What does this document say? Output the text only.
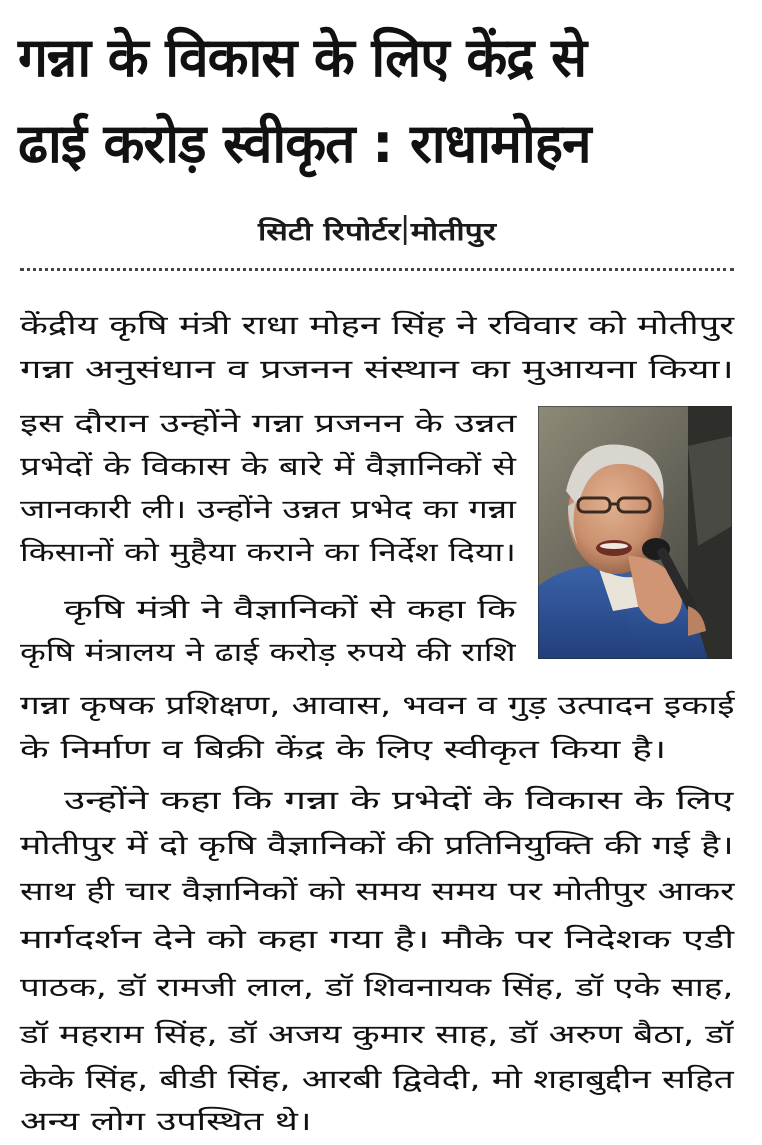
गन्ना के विकास के लिए केंद्र से
ढाई करोड़ स्वीकृत : राधामोहन
सिटी रिपोर्टर मोतीपुर
केंद्रीय कृषि मंत्री राधा मोहन सिंह ने रविवार को मोतीपुर
गन्ना अनुसंधान व प्रजनन संस्थान का मुआयना किया।
इस दौरान उन्होंने गन्ना प्रजनन के उन्नत
प्रभेदों के विकास के बारे में वैज्ञानिकों से
जानकारी ली। उन्होंने उन्नत प्रभेद का गन्ना
किसानों को मुहैया कराने का निर्देश दिया।
कृषि मंत्री ने वैज्ञानिकों से कहा कि
कृषि मंत्रालय ने ढाई करोड़ रुपये की राशि
गन्ना कृषक प्रशिक्षण, आवास, भवन व गुड़ उत्पादन इकाई
के निर्माण व बिक्री केंद्र के लिए स्वीकृत किया है।
उन्होंने कहा कि गन्ना के प्रभेदों के विकास के लिए
मोतीपुर में दो कृषि वैज्ञानिकों की प्रतिनियुक्ति की गई है।
साथ ही चार वैज्ञानिकों को समय समय पर मोतीपुर आकर
मार्गदर्शन देने को कहा गया है। मौके पर निदेशक एडी
पाठक, डॉ रामजी लाल, डॉ शिवनायक सिंह, डॉ एके साह,
डॉ महराम सिंह, डॉ अजय कुमार साह, डॉ अरुण बैठा, डॉ
केके सिंह, बीडी सिंह, आरबी द्विवेदी, मो शहाबुद्दीन सहित
अन्य लोग उपस्थित थे।
